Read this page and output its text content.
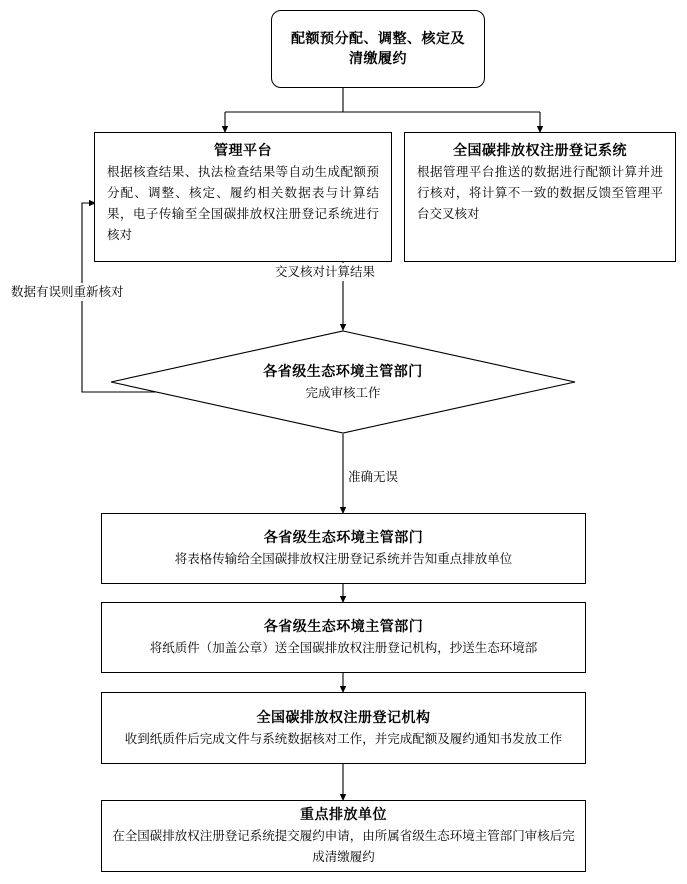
配额预分配、调整、核定及
清缴履约
管理平台
根据核查结果、执法检查结果等自动生成配额预分配、调整、核定、履约相关数据表与计算结果，电子传输至全国碳排放权注册登记系统进行核对
全国碳排放权注册登记系统
根据管理平台推送的数据进行配额计算并进行核对，将计算不一致的数据反馈至管理平台交叉核对
交叉核对计算结果
数据有误则重新核对
各省级生态环境主管部门
完成审核工作
准确无误
各省级生态环境主管部门
将表格传输给全国碳排放权注册登记系统并告知重点排放单位
各省级生态环境主管部门
将纸质件（加盖公章）送全国碳排放权注册登记机构，抄送生态环境部
全国碳排放权注册登记机构
收到纸质件后完成文件与系统数据核对工作，并完成配额及履约通知书发放工作
重点排放单位
在全国碳排放权注册登记系统提交履约申请，由所属省级生态环境主管部门审核后完成清缴履约
